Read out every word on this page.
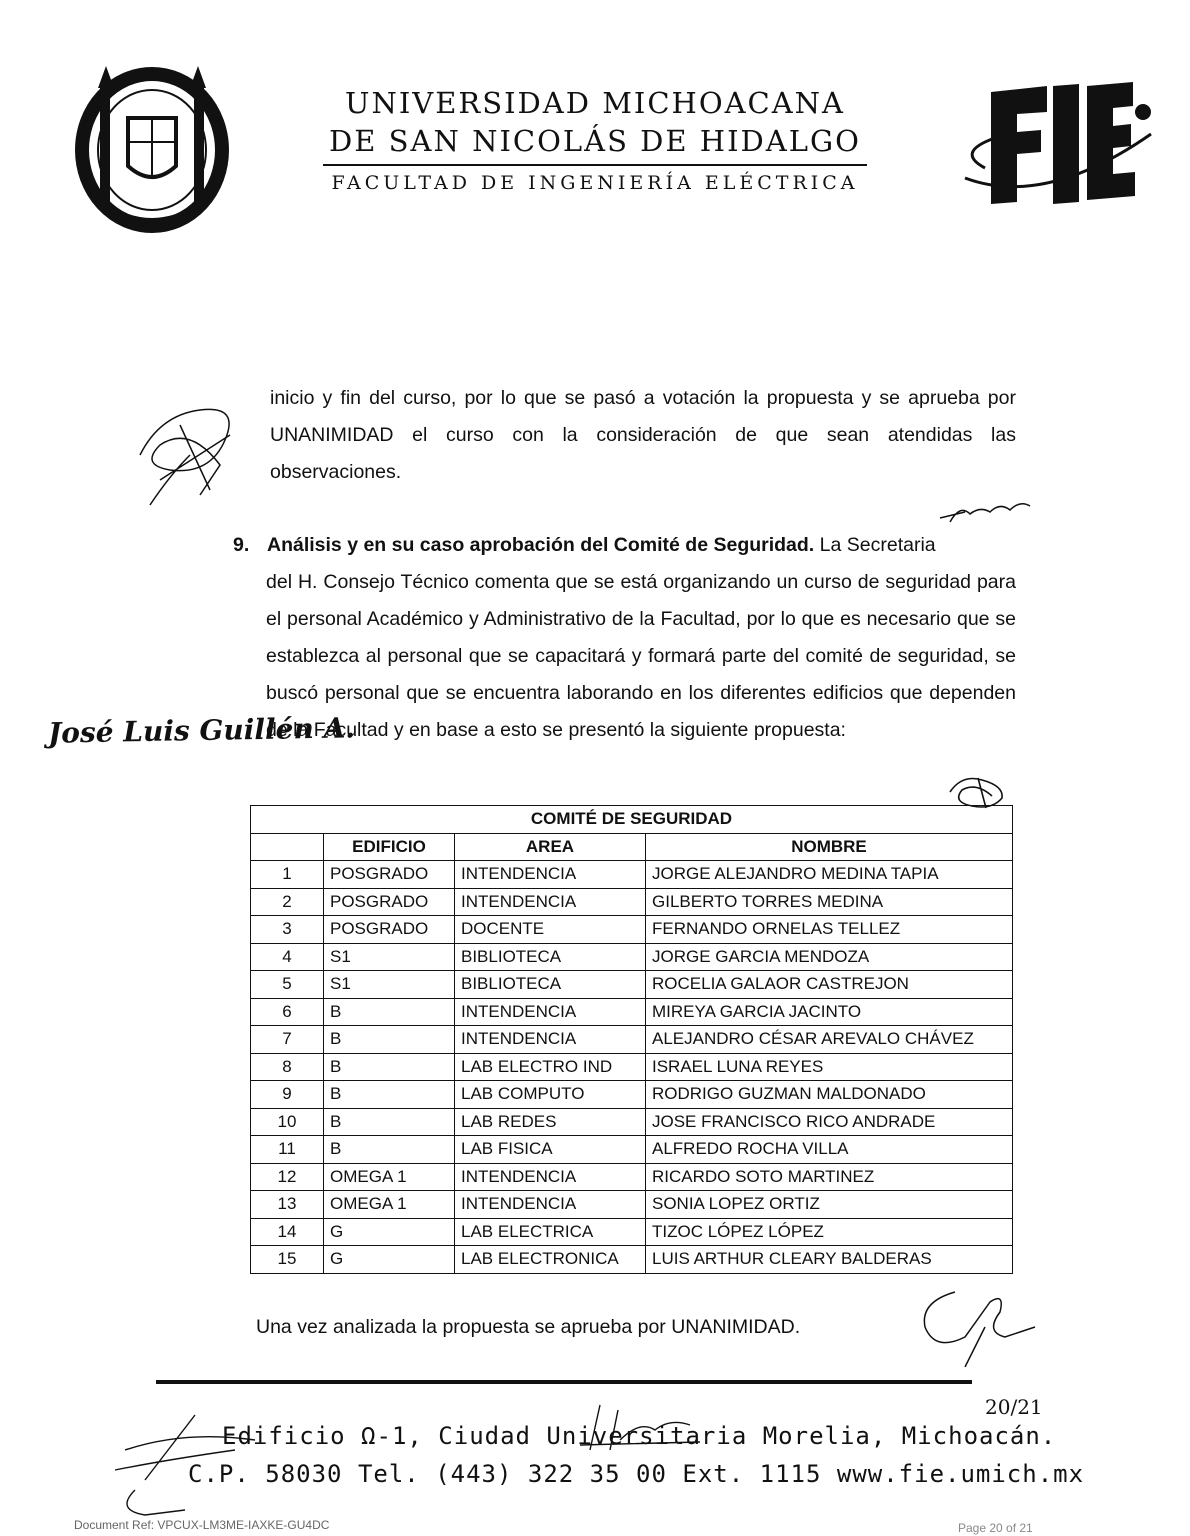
UNIVERSIDAD MICHOACANA
DE SAN NICOLÁS DE HIDALGO
FACULTAD DE INGENIERÍA ELÉCTRICA
inicio y fin del curso, por lo que se pasó a votación la propuesta y se aprueba por UNANIMIDAD el curso con la consideración de que sean atendidas las observaciones.
9. Análisis y en su caso aprobación del Comité de Seguridad. La Secretaria
del H. Consejo Técnico comenta que se está organizando un curso de seguridad para el personal Académico y Administrativo de la Facultad, por lo que es necesario que se establezca al personal que se capacitará y formará parte del comité de seguridad, se buscó personal que se encuentra laborando en los diferentes edificios que dependen de la Facultad y en base a esto se presentó la siguiente propuesta:
José Luis Guillén A.
COMITÉ DE SEGURIDAD			
	EDIFICIO	AREA	NOMBRE
1	POSGRADO	INTENDENCIA	JORGE ALEJANDRO MEDINA TAPIA
2	POSGRADO	INTENDENCIA	GILBERTO TORRES MEDINA
3	POSGRADO	DOCENTE	FERNANDO ORNELAS TELLEZ
4	S1	BIBLIOTECA	JORGE GARCIA MENDOZA
5	S1	BIBLIOTECA	ROCELIA GALAOR CASTREJON
6	B	INTENDENCIA	MIREYA GARCIA JACINTO
7	B	INTENDENCIA	ALEJANDRO CÉSAR AREVALO CHÁVEZ
8	B	LAB ELECTRO IND	ISRAEL LUNA REYES
9	B	LAB COMPUTO	RODRIGO GUZMAN MALDONADO
10	B	LAB REDES	JOSE FRANCISCO RICO ANDRADE
11	B	LAB FISICA	ALFREDO ROCHA VILLA
12	OMEGA 1	INTENDENCIA	RICARDO SOTO MARTINEZ
13	OMEGA 1	INTENDENCIA	SONIA LOPEZ ORTIZ
14	G	LAB ELECTRICA	TIZOC LÓPEZ LÓPEZ
15	G	LAB ELECTRONICA	LUIS ARTHUR CLEARY BALDERAS
Una vez analizada la propuesta se aprueba por UNANIMIDAD.
20/21
Edificio Ω-1, Ciudad Universitaria Morelia, Michoacán.
C.P. 58030 Tel. (443) 322 35 00 Ext. 1115 www.fie.umich.mx
Document Ref: VPCUX-LM3ME-IAXKE-GU4DC	Page 20 of 21
